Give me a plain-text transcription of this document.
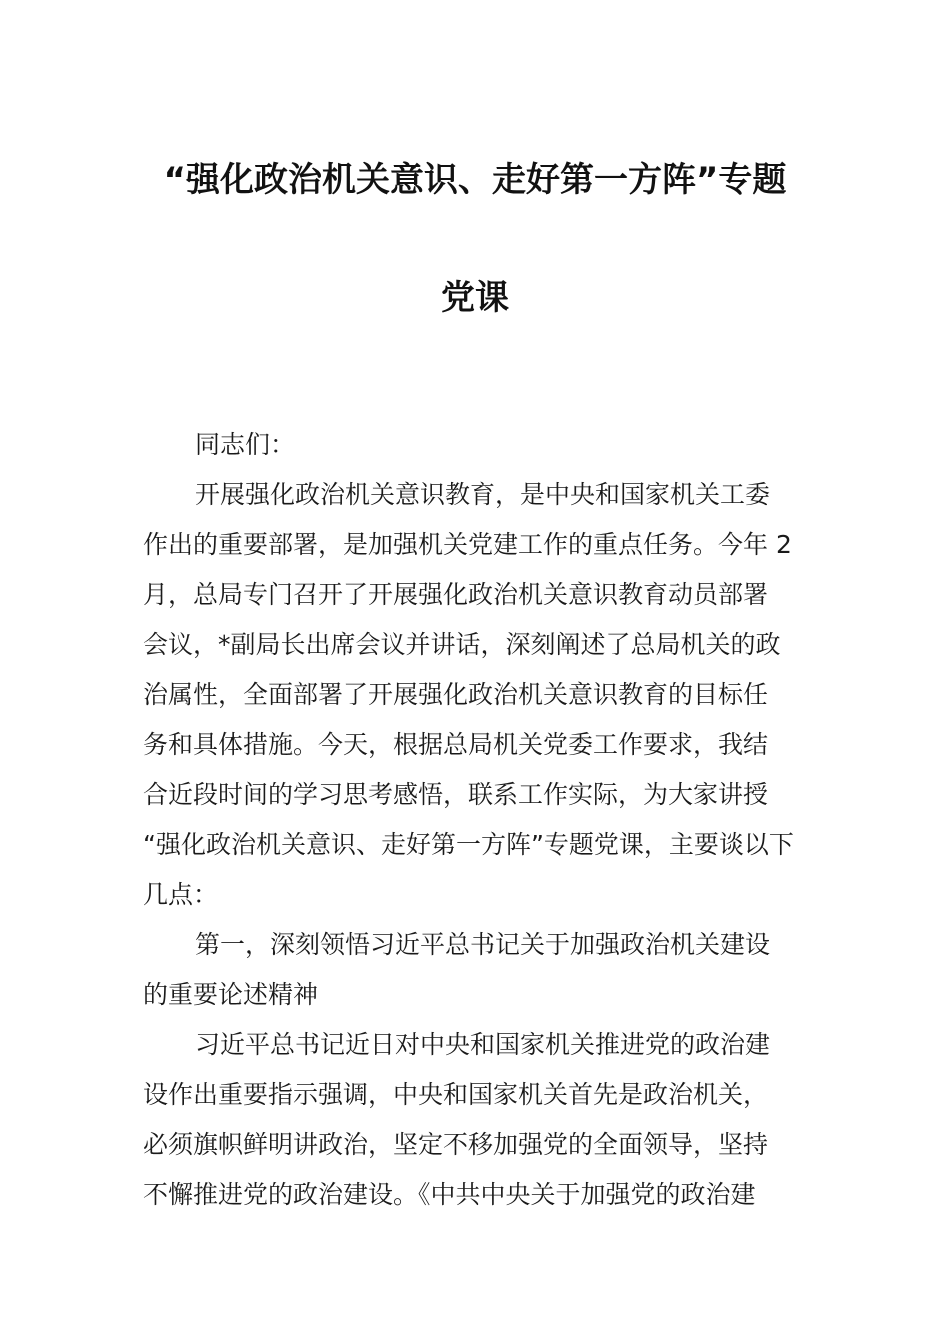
“强化政治机关意识、走好第一方阵”专题
党课
同志们：
开展强化政治机关意识教育，是中央和国家机关工委
作出的重要部署，是加强机关党建工作的重点任务。今年 2
月，总局专门召开了开展强化政治机关意识教育动员部署
会议，*副局长出席会议并讲话，深刻阐述了总局机关的政
治属性，全面部署了开展强化政治机关意识教育的目标任
务和具体措施。今天，根据总局机关党委工作要求，我结
合近段时间的学习思考感悟，联系工作实际，为大家讲授
“强化政治机关意识、走好第一方阵”专题党课，主要谈以下
几点：
第一，深刻领悟习近平总书记关于加强政治机关建设
的重要论述精神
习近平总书记近日对中央和国家机关推进党的政治建
设作出重要指示强调，中央和国家机关首先是政治机关，
必须旗帜鲜明讲政治，坚定不移加强党的全面领导，坚持
不懈推进党的政治建设。《中共中央关于加强党的政治建
